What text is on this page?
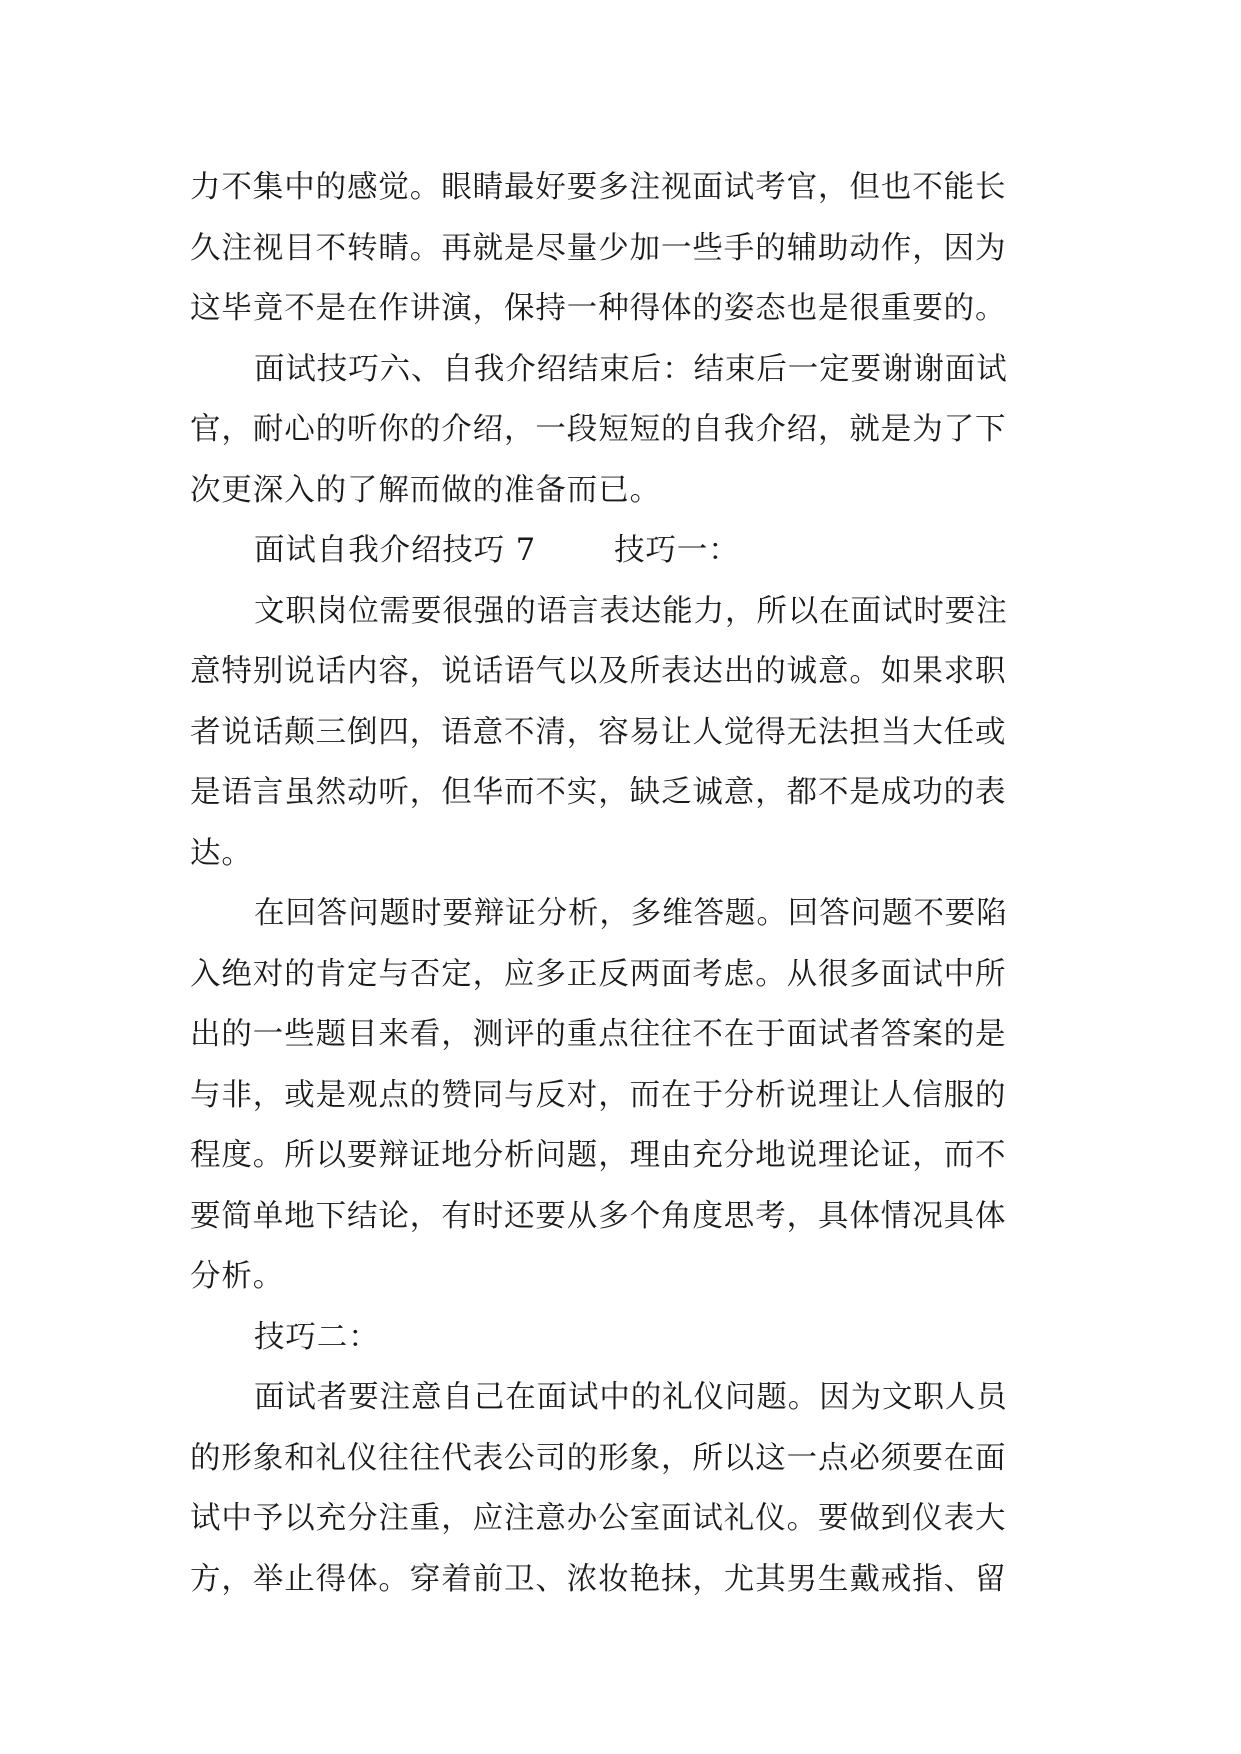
力不集中的感觉。眼睛最好要多注视面试考官，但也不能长
久注视目不转睛。再就是尽量少加一些手的辅助动作，因为
这毕竟不是在作讲演，保持一种得体的姿态也是很重要的。
面试技巧六、自我介绍结束后：结束后一定要谢谢面试
官，耐心的听你的介绍，一段短短的自我介绍，就是为了下
次更深入的了解而做的准备而已。
面试自我介绍技巧 7	技巧一：
文职岗位需要很强的语言表达能力，所以在面试时要注
意特别说话内容，说话语气以及所表达出的诚意。如果求职
者说话颠三倒四，语意不清，容易让人觉得无法担当大任或
是语言虽然动听，但华而不实，缺乏诚意，都不是成功的表
达。
在回答问题时要辩证分析，多维答题。回答问题不要陷
入绝对的肯定与否定，应多正反两面考虑。从很多面试中所
出的一些题目来看，测评的重点往往不在于面试者答案的是
与非，或是观点的赞同与反对，而在于分析说理让人信服的
程度。所以要辩证地分析问题，理由充分地说理论证，而不
要简单地下结论，有时还要从多个角度思考，具体情况具体
分析。
技巧二：
面试者要注意自己在面试中的礼仪问题。因为文职人员
的形象和礼仪往往代表公司的形象，所以这一点必须要在面
试中予以充分注重，应注意办公室面试礼仪。要做到仪表大
方，举止得体。穿着前卫、浓妆艳抹，尤其男生戴戒指、留
